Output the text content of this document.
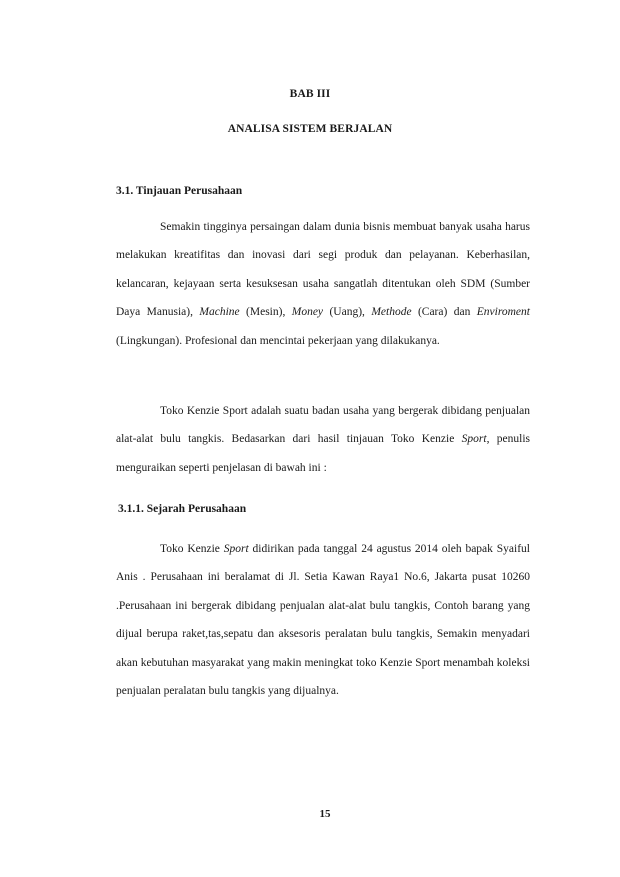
BAB III
ANALISA SISTEM BERJALAN
3.1. Tinjauan Perusahaan

Semakin tingginya persaingan dalam dunia bisnis membuat banyak usaha harus melakukan kreatifitas dan inovasi dari segi produk dan pelayanan. Keberhasilan, kelancaran, kejayaan serta kesuksesan usaha sangatlah ditentukan oleh SDM (Sumber Daya Manusia), Machine (Mesin), Money (Uang), Methode (Cara) dan Enviroment (Lingkungan). Profesional dan mencintai pekerjaan yang dilakukanya.

Toko Kenzie Sport adalah suatu badan usaha yang bergerak dibidang penjualan alat-alat bulu tangkis. Bedasarkan dari hasil tinjauan Toko Kenzie Sport, penulis menguraikan seperti penjelasan di bawah ini :

3.1.1. Sejarah Perusahaan

Toko Kenzie Sport didirikan pada tanggal 24 agustus 2014 oleh bapak Syaiful Anis . Perusahaan ini beralamat di Jl. Setia Kawan Raya1 No.6, Jakarta pusat 10260 .Perusahaan ini bergerak dibidang penjualan alat-alat bulu tangkis, Contoh barang yang dijual berupa raket,tas,sepatu dan aksesoris peralatan bulu tangkis, Semakin menyadari akan kebutuhan masyarakat yang makin meningkat toko Kenzie Sport menambah koleksi penjualan peralatan bulu tangkis yang dijualnya.

15
